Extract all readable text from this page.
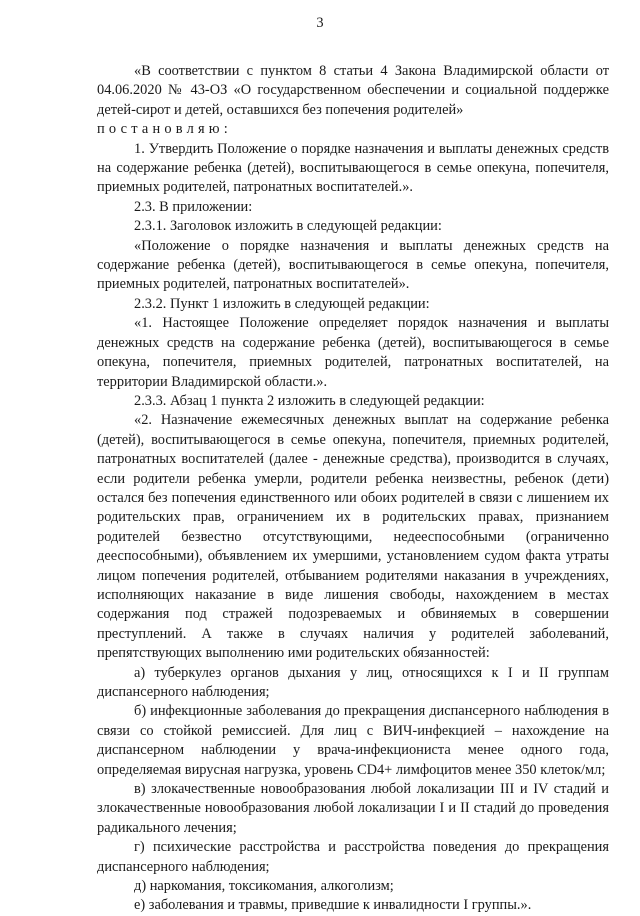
3

«В соответствии с пунктом 8 статьи 4 Закона Владимирской области от 04.06.2020 № 43-ОЗ «О государственном обеспечении и социальной поддержке детей-сирот и детей, оставшихся без попечения родителей»

постановляю:

1. Утвердить Положение о порядке назначения и выплаты денежных средств на содержание ребенка (детей), воспитывающегося в семье опекуна, попечителя, приемных родителей, патронатных воспитателей.».

2.3. В приложении:

2.3.1. Заголовок изложить в следующей редакции:

«Положение о порядке назначения и выплаты денежных средств на содержание ребенка (детей), воспитывающегося в семье опекуна, попечителя, приемных родителей, патронатных воспитателей».

2.3.2. Пункт 1 изложить в следующей редакции:

«1. Настоящее Положение определяет порядок назначения и выплаты денежных средств на содержание ребенка (детей), воспитывающегося в семье опекуна, попечителя, приемных родителей, патронатных воспитателей, на территории Владимирской области.».

2.3.3. Абзац 1 пункта 2 изложить в следующей редакции:

«2. Назначение ежемесячных денежных выплат на содержание ребенка (детей), воспитывающегося в семье опекуна, попечителя, приемных родителей, патронатных воспитателей (далее - денежные средства), производится в случаях, если родители ребенка умерли, родители ребенка неизвестны, ребенок (дети) остался без попечения единственного или обоих родителей в связи с лишением их родительских прав, ограничением их в родительских правах, признанием родителей безвестно отсутствующими, недееспособными (ограниченно дееспособными), объявлением их умершими, установлением судом факта утраты лицом попечения родителей, отбыванием родителями наказания в учреждениях, исполняющих наказание в виде лишения свободы, нахождением в местах содержания под стражей подозреваемых и обвиняемых в совершении преступлений. А также в случаях наличия у родителей заболеваний, препятствующих выполнению ими родительских обязанностей:

а) туберкулез органов дыхания у лиц, относящихся к I и II группам диспансерного наблюдения;

б) инфекционные заболевания до прекращения диспансерного наблюдения в связи со стойкой ремиссией. Для лиц с ВИЧ-инфекцией – нахождение на диспансерном наблюдении у врача-инфекциониста менее одного года, определяемая вирусная нагрузка, уровень CD4+ лимфоцитов менее 350 клеток/мл;

в) злокачественные новообразования любой локализации III и IV стадий и злокачественные новообразования любой локализации I и II стадий до проведения радикального лечения;

г) психические расстройства и расстройства поведения до прекращения диспансерного наблюдения;

д) наркомания, токсикомания, алкоголизм;

е) заболевания и травмы, приведшие к инвалидности I группы.».
